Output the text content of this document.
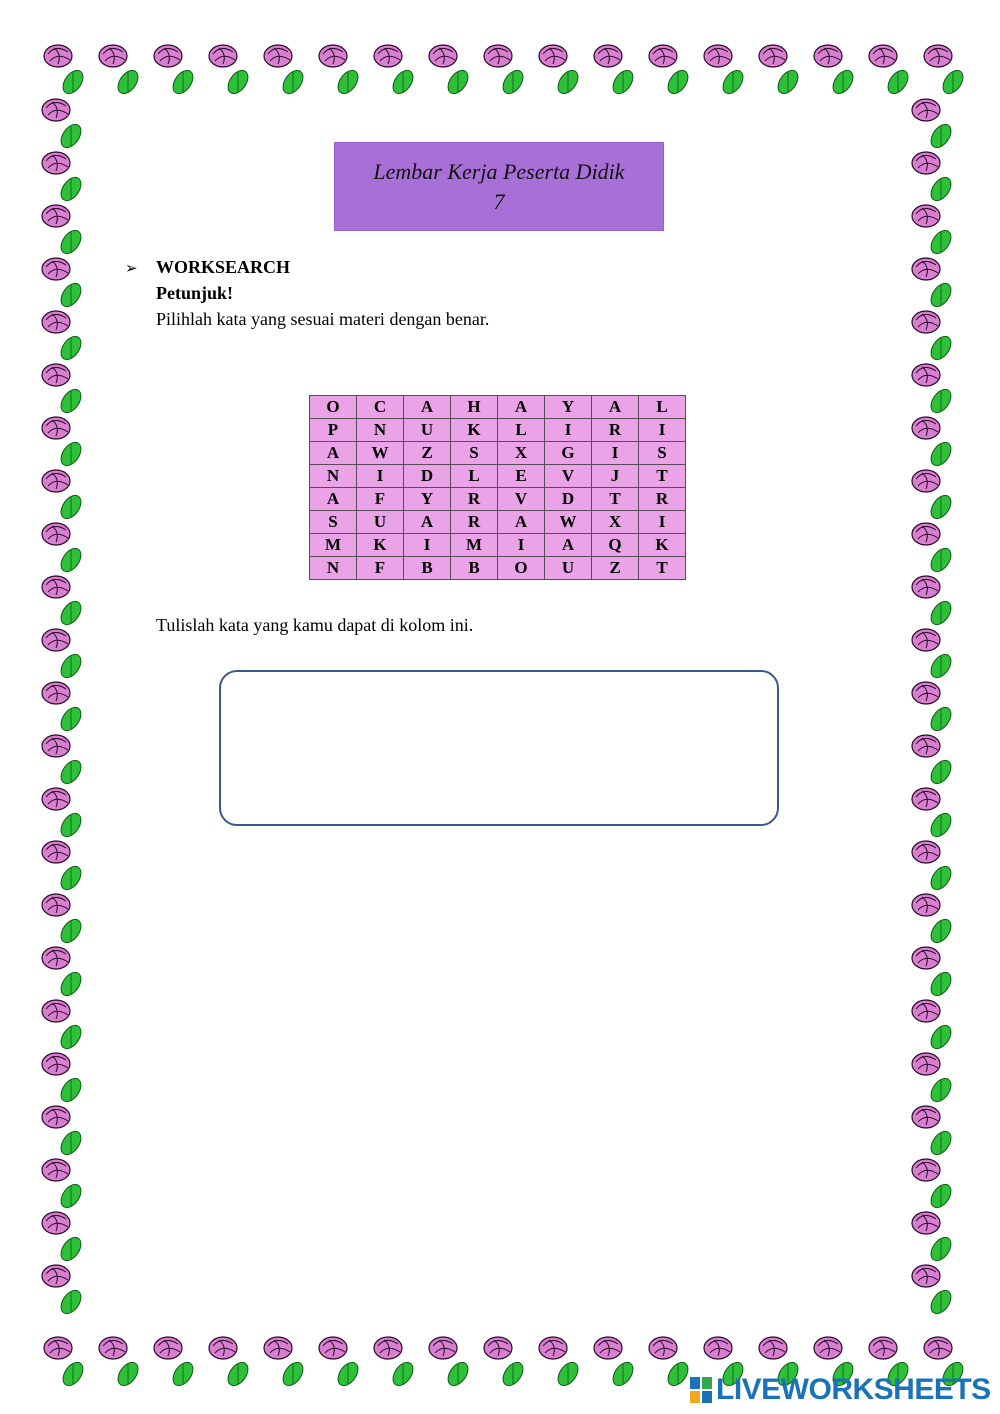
Lembar Kerja Peserta Didik
7
➢ WORKSEARCH
Petunjuk!
Pilihlah kata yang sesuai materi dengan benar.
O	C	A	H	A	Y	A	L
P	N	U	K	L	I	R	I
A	W	Z	S	X	G	I	S
N	I	D	L	E	V	J	T
A	F	Y	R	V	D	T	R
S	U	A	R	A	W	X	I
M	K	I	M	I	A	Q	K
N	F	B	B	O	U	Z	T
Tulislah kata yang kamu dapat di kolom ini.
LIVEWORKSHEETS
